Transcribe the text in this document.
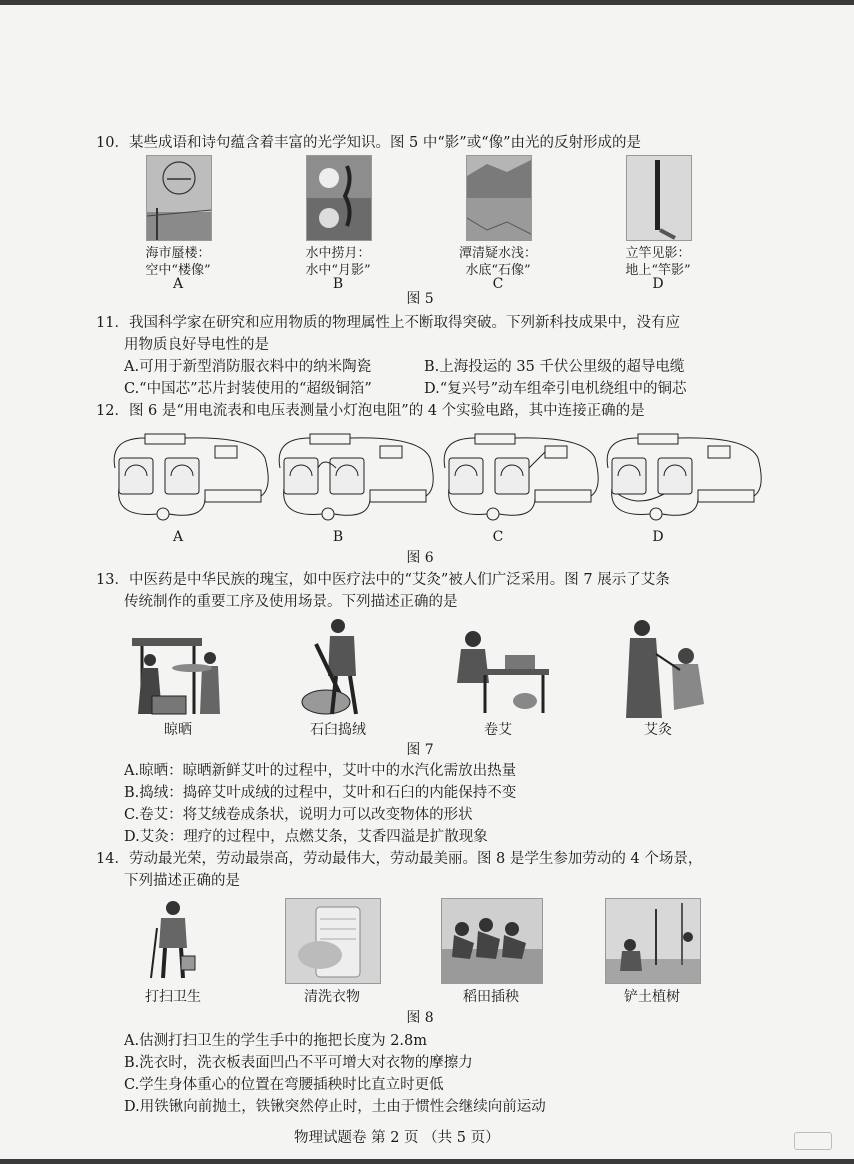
10．某些成语和诗句蕴含着丰富的光学知识。图 5 中“影”或“像”由光的反射形成的是
海市蜃楼：
空中“楼像”
水中捞月：
水中“月影”
潭清疑水浅：
水底“石像”
立竿见影：
地上“竿影”
A	B	C	D
图 5
11．我国科学家在研究和应用物质的物理属性上不断取得突破。下列新科技成果中，没有应
用物质良好导电性的是
A.可用于新型消防服衣料中的纳米陶瓷	B.上海投运的 35 千伏公里级的超导电缆
C.“中国芯”芯片封装使用的“超级铜箔”	D.“复兴号”动车组牵引电机绕组中的铜芯
12．图 6 是“用电流表和电压表测量小灯泡电阻”的 4 个实验电路，其中连接正确的是
A	B	C	D
图 6
13．中医药是中华民族的瑰宝，如中医疗法中的“艾灸”被人们广泛采用。图 7 展示了艾条
传统制作的重要工序及使用场景。下列描述正确的是
晾晒	石臼捣绒	卷艾	艾灸
图 7
A.晾晒：晾晒新鲜艾叶的过程中，艾叶中的水汽化需放出热量
B.捣绒：捣碎艾叶成绒的过程中，艾叶和石臼的内能保持不变
C.卷艾：将艾绒卷成条状，说明力可以改变物体的形状
D.艾灸：理疗的过程中，点燃艾条，艾香四溢是扩散现象
14．劳动最光荣，劳动最崇高，劳动最伟大，劳动最美丽。图 8 是学生参加劳动的 4 个场景，
下列描述正确的是
打扫卫生	清洗衣物	稻田插秧	铲土植树
图 8
A.估测打扫卫生的学生手中的拖把长度为 2.8m
B.洗衣时，洗衣板表面凹凸不平可增大对衣物的摩擦力
C.学生身体重心的位置在弯腰插秧时比直立时更低
D.用铁锹向前抛土，铁锹突然停止时，土由于惯性会继续向前运动
物理试题卷 第 2 页 （共 5 页）
